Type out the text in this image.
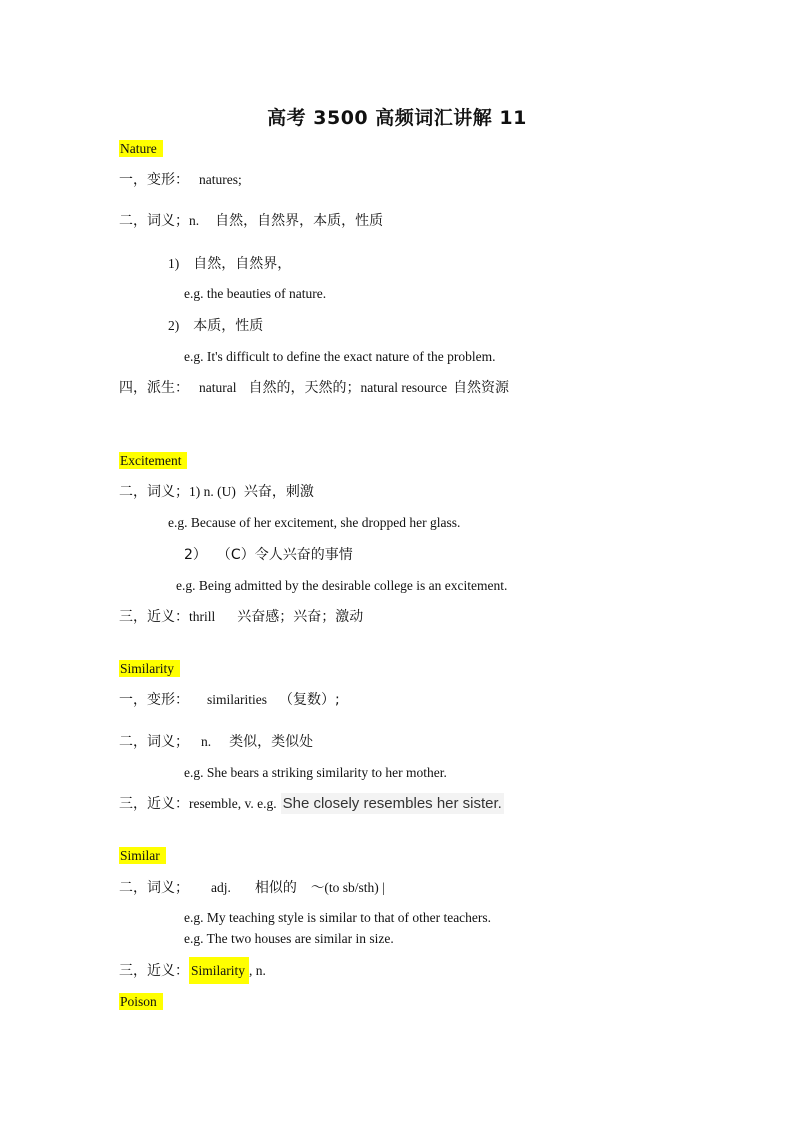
高考 3500 高频词汇讲解 11
Nature
一，变形： natures;
二，词义；n. 自然，自然界，本质，性质
1) 自然，自然界，
e.g. the beauties of nature.
2) 本质，性质
e.g. It's difficult to define the exact nature of the problem.
四，派生： natural 自然的，天然的；natural resource 自然资源
Excitement
二，词义；1) n. (U) 兴奋，刺激
e.g. Because of her excitement, she dropped her glass.
2） （C）令人兴奋的事情
e.g. Being admitted by the desirable college is an excitement.
三，近义：thrill 兴奋感；兴奋；激动
Similarity
一，变形： similarities （复数）;
二，词义； n. 类似，类似处
e.g. She bears a striking similarity to her mother.
三，近义：resemble, v. e.g. She closely resembles her sister.
Similar
二，词义； adj. 相似的 ～(to sb/sth) |
e.g. My teaching style is similar to that of other teachers.
e.g. The two houses are similar in size.
三，近义： Similarity , n.
Poison
